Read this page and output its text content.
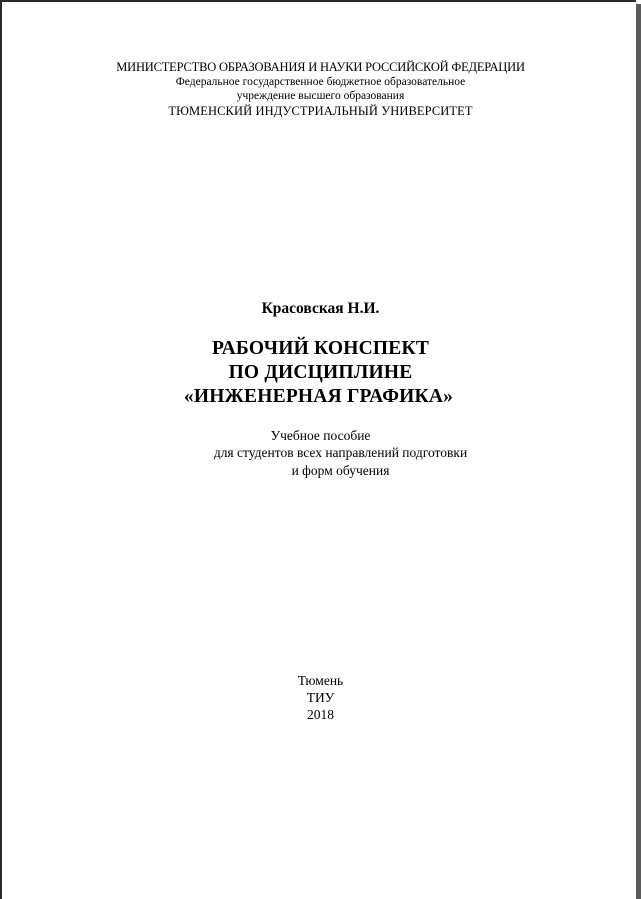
МИНИСТЕРСТВО ОБРАЗОВАНИЯ И НАУКИ РОССИЙСКОЙ ФЕДЕРАЦИИ
Федеральное государственное бюджетное образовательное
учреждение высшего образования
ТЮМЕНСКИЙ ИНДУСТРИАЛЬНЫЙ УНИВЕРСИТЕТ
Красовская Н.И.
РАБОЧИЙ КОНСПЕКТ
ПО ДИСЦИПЛИНЕ
«ИНЖЕНЕРНАЯ ГРАФИКА»
Учебное пособие
для студентов всех направлений подготовки
и форм обучения
Тюмень
ТИУ
2018
